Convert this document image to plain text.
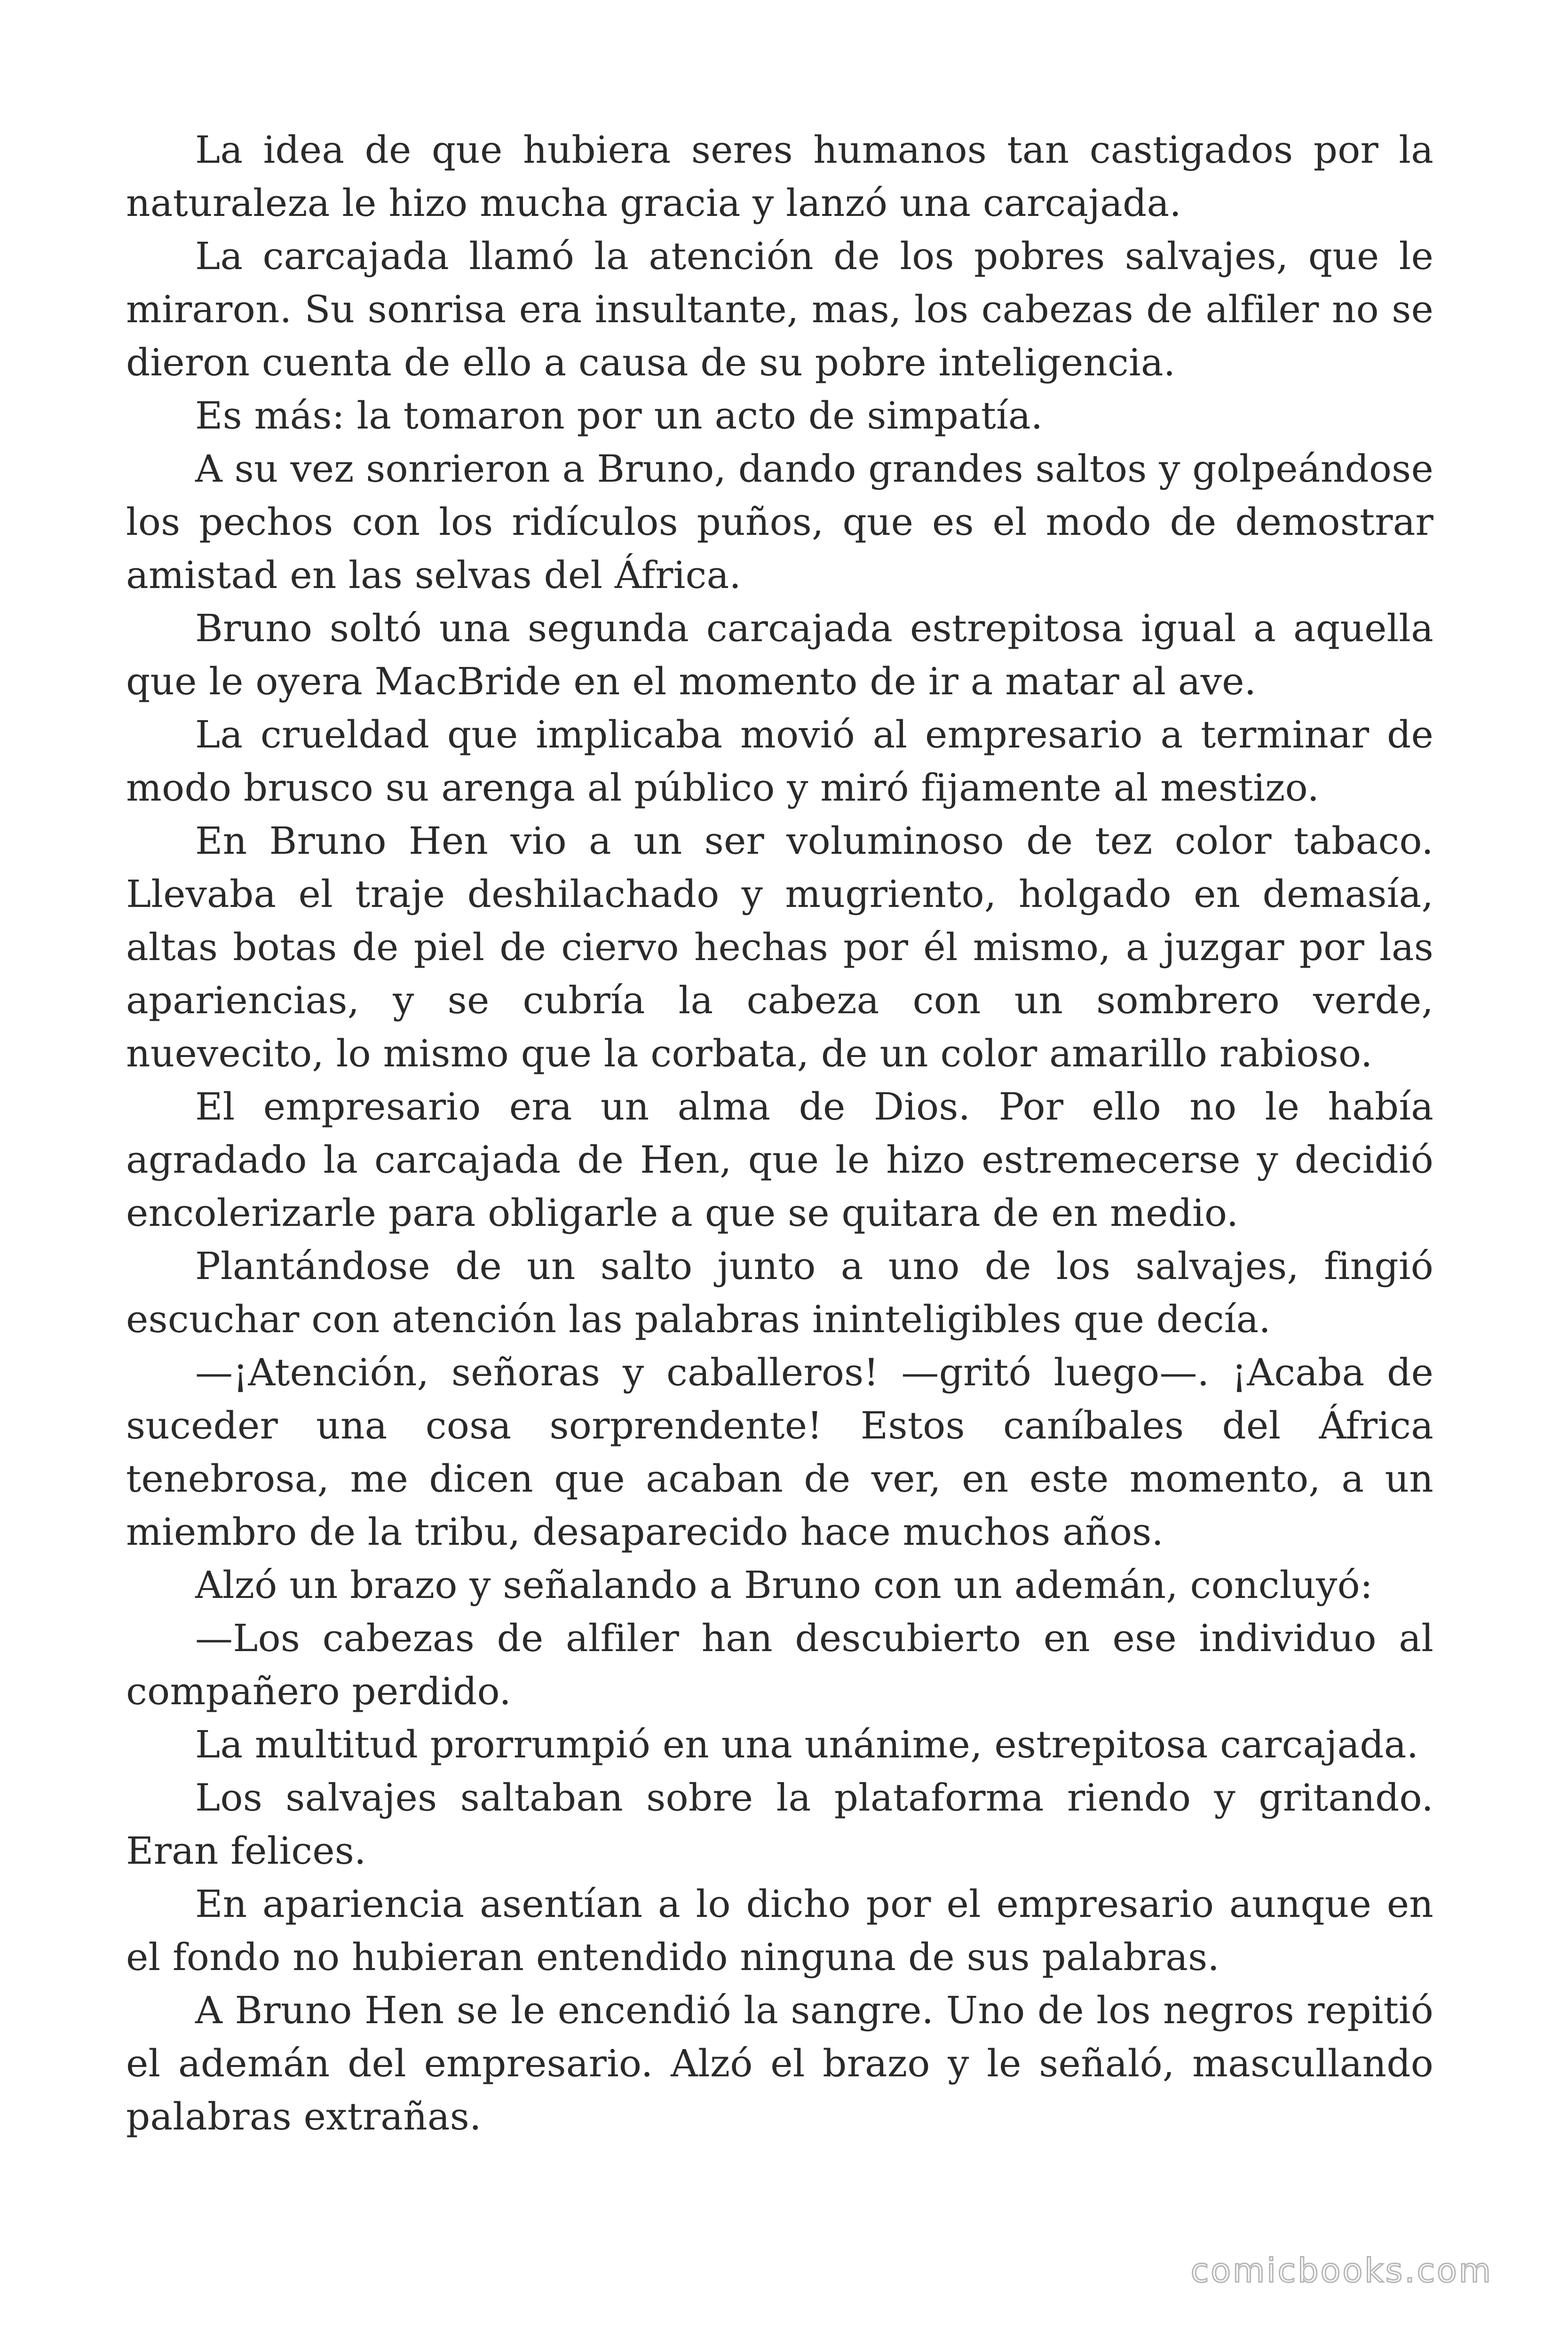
La idea de que hubiera seres humanos tan castigados por la naturaleza le hizo mucha gracia y lanzó una carcajada.

La carcajada llamó la atención de los pobres salvajes, que le miraron. Su sonrisa era insultante, mas, los cabezas de alfiler no se dieron cuenta de ello a causa de su pobre inteligencia.

Es más: la tomaron por un acto de simpatía.

A su vez sonrieron a Bruno, dando grandes saltos y golpeándose los pechos con los ridículos puños, que es el modo de demostrar amistad en las selvas del África.

Bruno soltó una segunda carcajada estrepitosa igual a aquella que le oyera MacBride en el momento de ir a matar al ave.

La crueldad que implicaba movió al empresario a terminar de modo brusco su arenga al público y miró fijamente al mestizo.

En Bruno Hen vio a un ser voluminoso de tez color tabaco. Llevaba el traje deshilachado y mugriento, holgado en demasía, altas botas de piel de ciervo hechas por él mismo, a juzgar por las apariencias, y se cubría la cabeza con un sombrero verde, nuevecito, lo mismo que la corbata, de un color amarillo rabioso.

El empresario era un alma de Dios. Por ello no le había agradado la carcajada de Hen, que le hizo estremecerse y decidió encolerizarle para obligarle a que se quitara de en medio.

Plantándose de un salto junto a uno de los salvajes, fingió escuchar con atención las palabras ininteligibles que decía.

—¡Atención, señoras y caballeros! —gritó luego—. ¡Acaba de suceder una cosa sorprendente! Estos caníbales del África tenebrosa, me dicen que acaban de ver, en este momento, a un miembro de la tribu, desaparecido hace muchos años.

Alzó un brazo y señalando a Bruno con un ademán, concluyó:

—Los cabezas de alfiler han descubierto en ese individuo al compañero perdido.

La multitud prorrumpió en una unánime, estrepitosa carcajada.

Los salvajes saltaban sobre la plataforma riendo y gritando. Eran felices.

En apariencia asentían a lo dicho por el empresario aunque en el fondo no hubieran entendido ninguna de sus palabras.

A Bruno Hen se le encendió la sangre. Uno de los negros repitió el ademán del empresario. Alzó el brazo y le señaló, mascullando palabras extrañas.

comicbooks.com
